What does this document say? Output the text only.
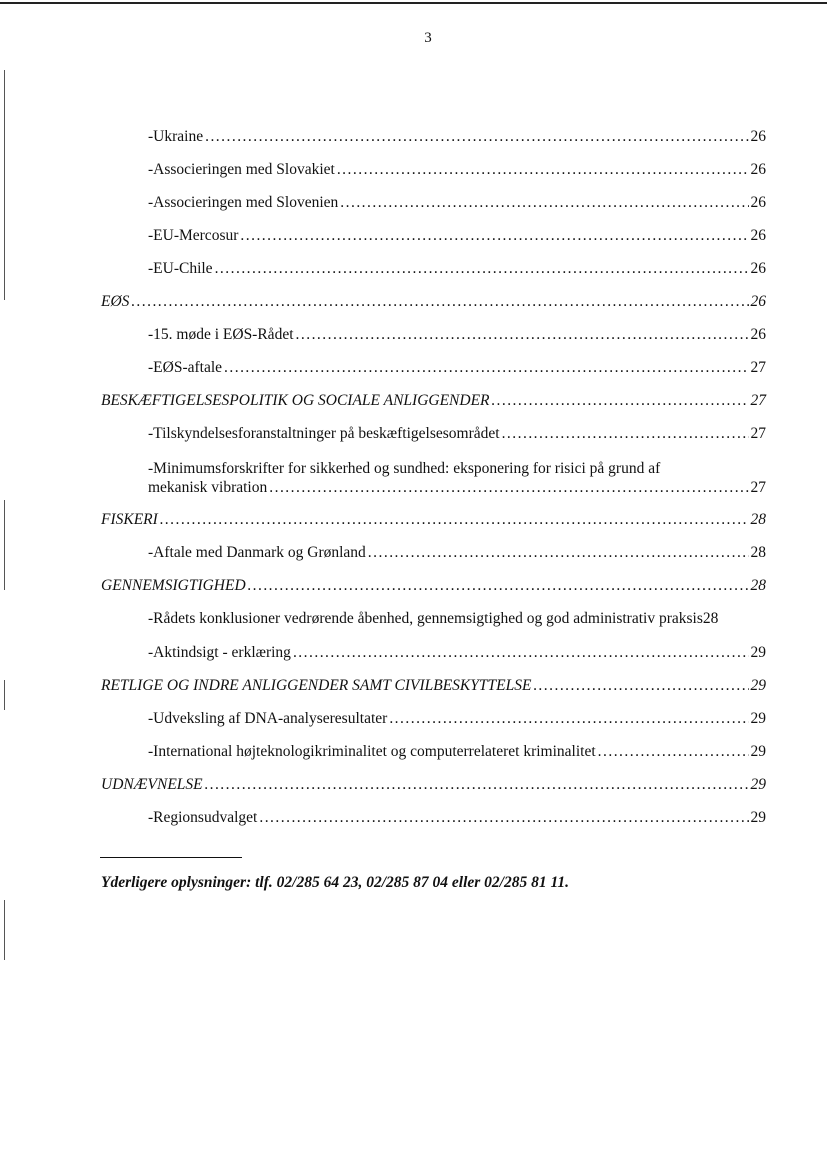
3
-Ukraine . . .	26
-Associeringen med Slovakiet . . .	26
-Associeringen med Slovenien . . .	26
-EU-Mercosur . . .	26
-EU-Chile . . .	26
EØS . . .	26
-15. møde i EØS-Rådet . . .	26
-EØS-aftale . . .	27
BESKÆFTIGELSESPOLITIK OG SOCIALE ANLIGGENDER . . .	27
-Tilskyndelsesforanstaltninger på beskæftigelsesområdet . . .	27
-Minimumsforskrifter for sikkerhed og sundhed: eksponering for risici på grund af
mekanisk vibration . . .	27
FISKERI . . .	28
-Aftale med Danmark og Grønland . . .	28
GENNEMSIGTIGHED . . .	28
-Rådets konklusioner vedrørende åbenhed, gennemsigtighed og god administrativ praksis 28
-Aktindsigt - erklæring . . .	29
RETLIGE OG INDRE ANLIGGENDER SAMT CIVILBESKYTTELSE . . .	29
-Udveksling af DNA-analyseresultater . . .	29
-International højteknologikriminalitet og computerrelateret kriminalitet . . .	29
UDNÆVNELSE . . .	29
-Regionsudvalget . . .	29
Yderligere oplysninger: tlf. 02/285 64 23, 02/285 87 04 eller 02/285 81 11.
